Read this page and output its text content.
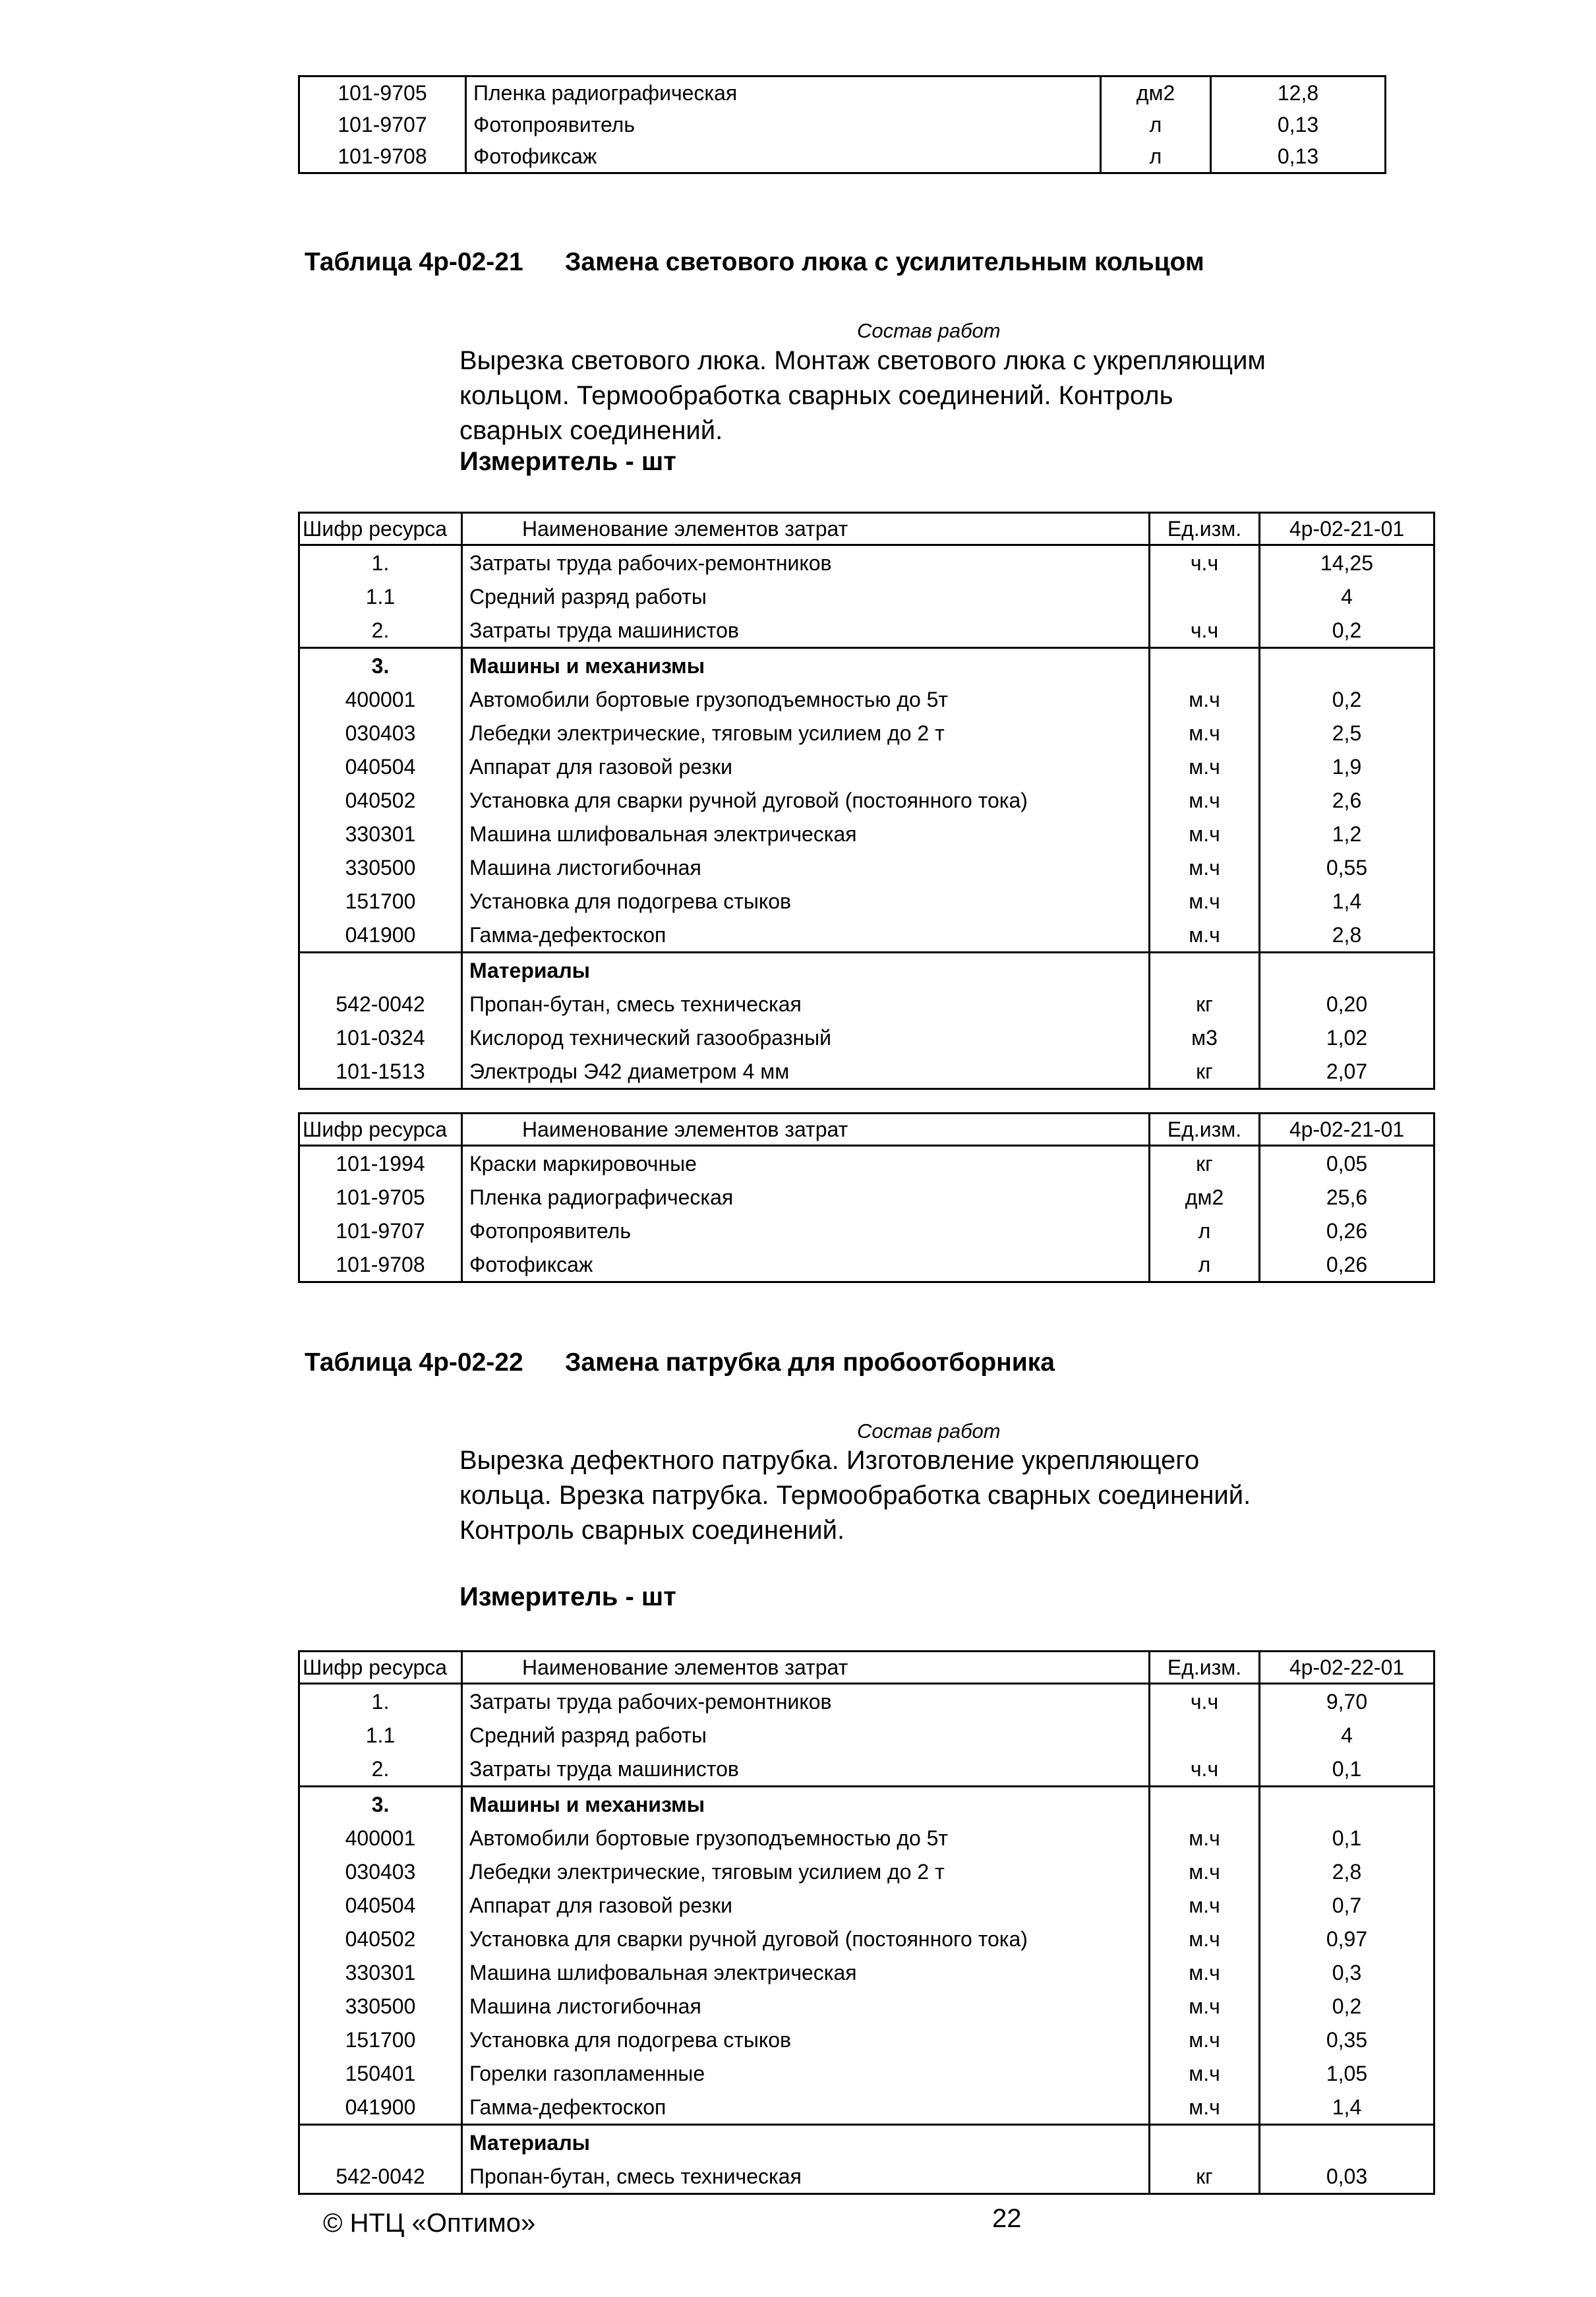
101-9705	Пленка радиографическая	дм2	12,8
101-9707	Фотопроявитель	л	0,13
101-9708	Фотофиксаж	л	0,13
Таблица 4р-02-21 Замена светового люка с усилительным кольцом
Состав работ
Вырезка светового люка. Монтаж светового люка с укрепляющим
кольцом. Термообработка сварных соединений. Контроль
сварных соединений.
Измеритель - шт
Шифр ресурса	Наименование элементов затрат	Ед.изм.	4р-02-21-01
1.	Затраты труда рабочих-ремонтников	ч.ч	14,25
1.1	Средний разряд работы		4
2.	Затраты труда машинистов	ч.ч	0,2
3.	Машины и механизмы		
400001	Автомобили бортовые грузоподъемностью до 5т	м.ч	0,2
030403	Лебедки электрические, тяговым усилием до 2 т	м.ч	2,5
040504	Аппарат для газовой резки	м.ч	1,9
040502	Установка для сварки ручной дуговой (постоянного тока)	м.ч	2,6
330301	Машина шлифовальная электрическая	м.ч	1,2
330500	Машина листогибочная	м.ч	0,55
151700	Установка для подогрева стыков	м.ч	1,4
041900	Гамма-дефектоскоп	м.ч	2,8
	Материалы		
542-0042	Пропан-бутан, смесь техническая	кг	0,20
101-0324	Кислород технический газообразный	м3	1,02
101-1513	Электроды Э42 диаметром 4 мм	кг	2,07
Шифр ресурса	Наименование элементов затрат	Ед.изм.	4р-02-21-01
101-1994	Краски маркировочные	кг	0,05
101-9705	Пленка радиографическая	дм2	25,6
101-9707	Фотопроявитель	л	0,26
101-9708	Фотофиксаж	л	0,26
Таблица 4р-02-22 Замена патрубка для пробоотборника
Состав работ
Вырезка дефектного патрубка. Изготовление укрепляющего
кольца. Врезка патрубка. Термообработка сварных соединений.
Контроль сварных соединений.
Измеритель - шт
Шифр ресурса	Наименование элементов затрат	Ед.изм.	4р-02-22-01
1.	Затраты труда рабочих-ремонтников	ч.ч	9,70
1.1	Средний разряд работы		4
2.	Затраты труда машинистов	ч.ч	0,1
3.	Машины и механизмы		
400001	Автомобили бортовые грузоподъемностью до 5т	м.ч	0,1
030403	Лебедки электрические, тяговым усилием до 2 т	м.ч	2,8
040504	Аппарат для газовой резки	м.ч	0,7
040502	Установка для сварки ручной дуговой (постоянного тока)	м.ч	0,97
330301	Машина шлифовальная электрическая	м.ч	0,3
330500	Машина листогибочная	м.ч	0,2
151700	Установка для подогрева стыков	м.ч	0,35
150401	Горелки газопламенные	м.ч	1,05
041900	Гамма-дефектоскоп	м.ч	1,4
	Материалы		
542-0042	Пропан-бутан, смесь техническая	кг	0,03
© НТЦ «Оптимо»	22
